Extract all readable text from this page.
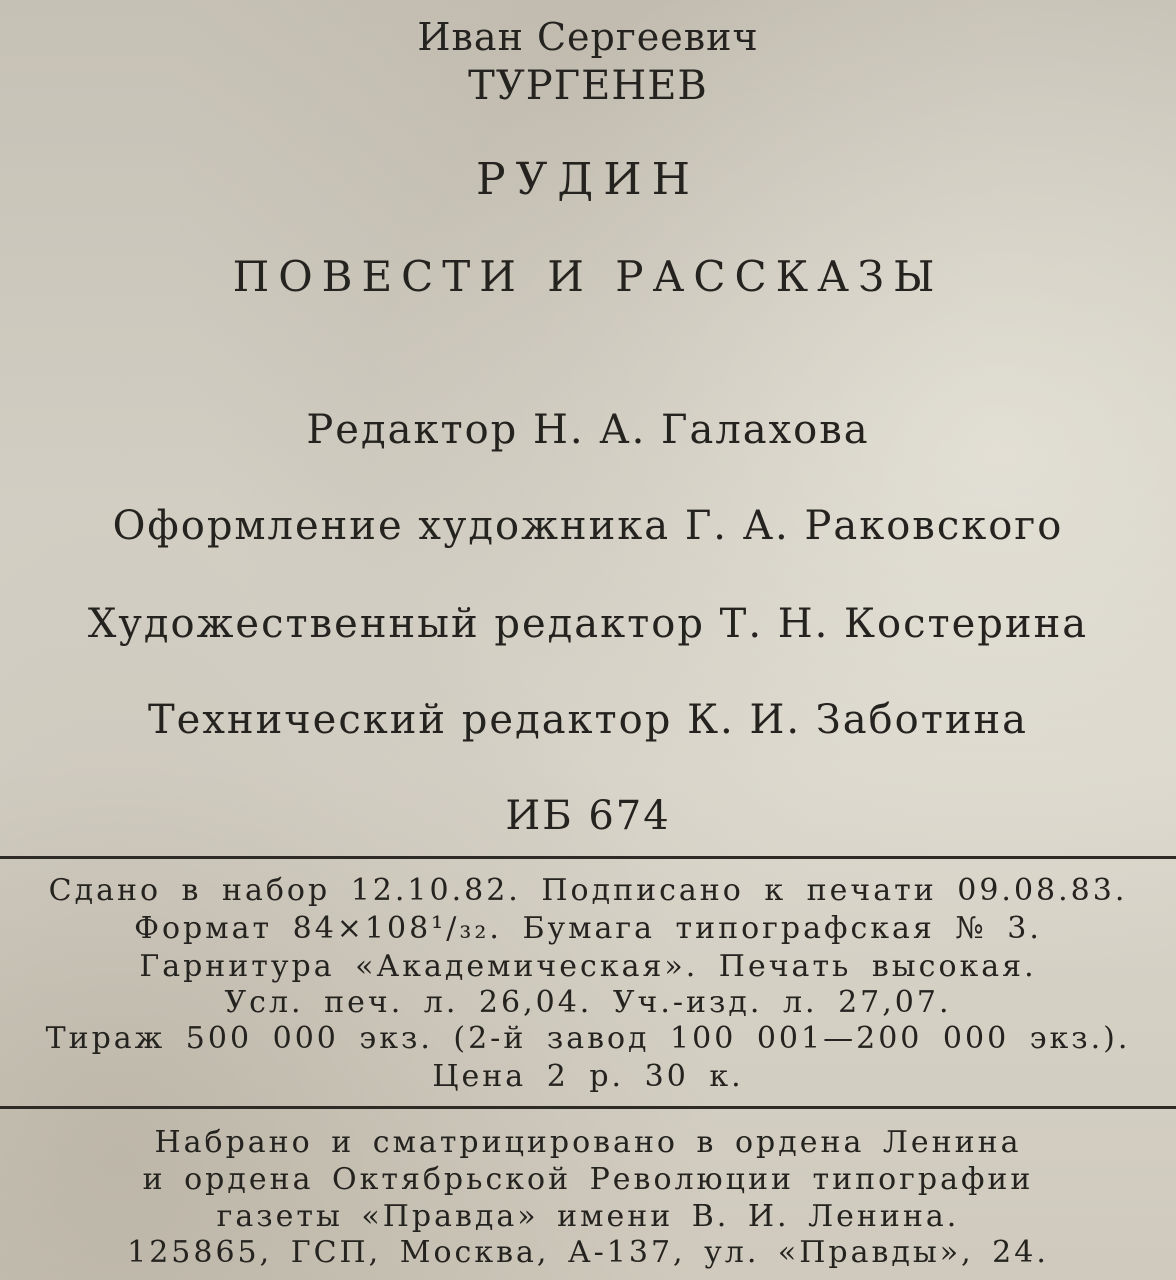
Иван Сергеевич
ТУРГЕНЕВ
РУДИН
ПОВЕСТИ И РАССКАЗЫ
Редактор Н. А. Галахова
Оформление художника Г. А. Раковского
Художественный редактор Т. Н. Костерина
Технический редактор К. И. Заботина
ИБ 674
Сдано в набор 12.10.82. Подписано к печати 09.08.83.
Формат 84×108¹/₃₂. Бумага типографская № 3.
Гарнитура «Академическая». Печать высокая.
Усл. печ. л. 26,04. Уч.-изд. л. 27,07.
Тираж 500 000 экз. (2-й завод 100 001—200 000 экз.).
Цена 2 р. 30 к.
Набрано и сматрицировано в ордена Ленина
и ордена Октябрьской Революции типографии
газеты «Правда» имени В. И. Ленина.
125865, ГСП, Москва, А-137, ул. «Правды», 24.
